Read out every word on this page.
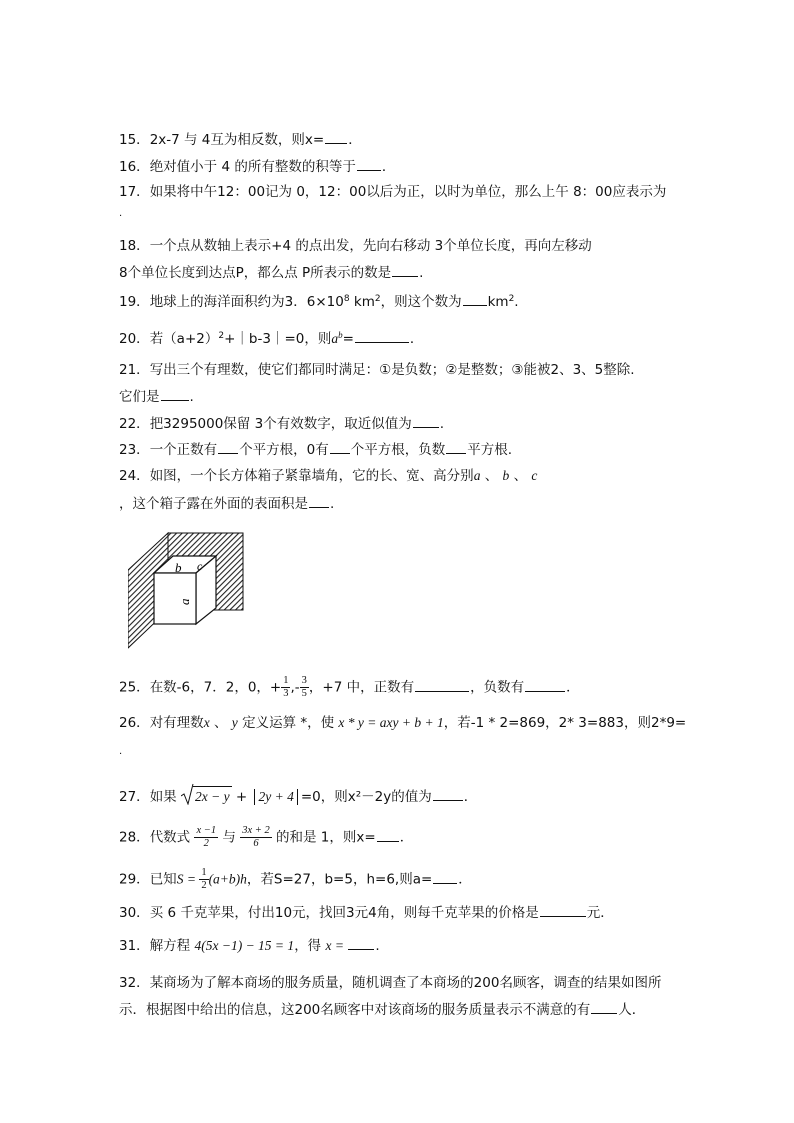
15．2x-7 与 4互为相反数，则x= ．
16．绝对值小于 4 的所有整数的积等于 ．
17．如果将中午12：00记为 0，12：00以后为正，以时为单位，那么上午 8：00应表示为
.
18．一个点从数轴上表示+4 的点出发，先向右移动 3个单位长度，再向左移动
8个单位长度到达点P，都么点 P所表示的数是 .
19．地球上的海洋面积约为3．$6\times 10^8$ $km^2$，则这个数为 $km^2$.
20．若$(a+2)^2+|b-3|=0$，则$a^b=$	．
21．写出三个有理数，使它们都同时满足：①是负数；②是整数；③能被2、3、5整除.
它们是 .
22．把3295000保留 3个有效数字，取近似值为 .
23．一个正数有 个平方根，0有 个平方根，负数 平方根.
24．如图，一个长方体箱子紧靠墙角，它的长、宽、高分别a 、 b 、 c
，这个箱子露在外面的表面积是 .
b c
a
25．在数-6，7．2，0，+ $\frac{1}{3}$ ,- $\frac{3}{5}$ ，+7 中，正数有	，负数有	．
26．对有理数x 、 y 定义运算 *，使 x * y = axy + b + 1，若-1 * 2=869，2* 3=883，则2*9=
.
27．如果
2x − y + 2y + 4 =0，则x²－2y的值为 ．
28．代数式 $\frac{x -1}{2}$ 与 $\frac{3x + 2}{6}$ 的和是 1，则x= ．
29．已知$S = \frac{1}{2} (a+b)h$，若S=27，b=5，h=6,则a= ．
30．买 6 千克苹果，付出10元，找回3元4角，则每千克苹果的价格是	元．
31．解方程 4(5x −1) − 15 = 1，得 x = .
32．某商场为了解本商场的服务质量，随机调查了本商场的200名顾客，调查的结果如图所
示．根据图中给出的信息，这200名顾客中对该商场的服务质量表示不满意的有 人．
